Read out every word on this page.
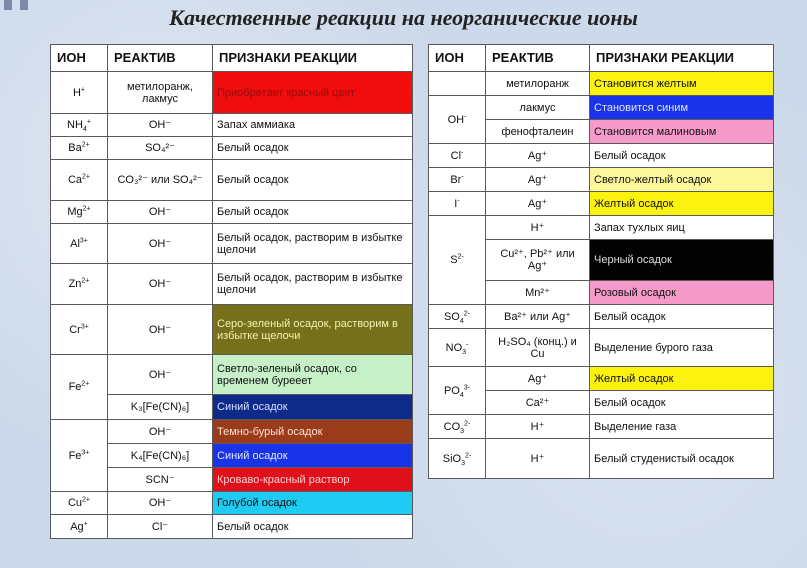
Качественные реакции на неорганические ионы
ИОН	РЕАКТИВ	ПРИЗНАКИ РЕАКЦИИ
H+	метилоранж, лакмус	Приобретает красный цвет
$NH_4^+$	OH⁻	Запах аммиака
$Ba^{2+}$	SO₄²⁻	Белый осадок
$Ca^{2+}$	CO₃²⁻ или SO₄²⁻	Белый осадок
$Mg^{2+}$	OH⁻	Белый осадок
$Al^{3+}$	OH⁻	Белый осадок, растворим в избытке щелочи
$Zn^{2+}$	OH⁻	Белый осадок, растворим в избытке щелочи
$Cr^{3+}$	OH⁻	Серо-зеленый осадок, растворим в избытке щелочи
$Fe^{2+}$	OH⁻	Светло-зеленый осадок, со временем буреeет
	K₃[Fe(CN)₆]	Синий осадок
$Fe^{3+}$	OH⁻	Темно-бурый осадок
	K₄[Fe(CN)₆]	Синий осадок
	SCN⁻	Кроваво-красный раствор
$Cu^{2+}$	OH⁻	Голубой осадок
Ag+	Cl⁻	Белый осадок
ИОН	РЕАКТИВ	ПРИЗНАКИ РЕАКЦИИ
	метилоранж	Становится желтым
OH-	лакмус	Становится синим
	фенофталеин	Становится малиновым
Cl-	Ag⁺	Белый осадок
Br-	Ag⁺	Светло-желтый осадок
I-	Ag⁺	Желтый осадок
$S^{2-}$	H⁺	Запах тухлых яиц
	Cu²⁺, Pb²⁺ или Ag⁺	Черный осадок
	Mn²⁺	Розовый осадок
$SO_4^{2-}$	Ba²⁺ или Ag⁺	Белый осадок
$NO_3^-$	H₂SO₄ (конц.) и Cu	Выделение бурого газа
$PO_4^{3-}$	Ag⁺	Желтый осадок
	Ca²⁺	Белый осадок
$CO_3^{2-}$	H⁺	Выделение газа
SiO$_3^{2-}$	H⁺	Белый студенистый осадок
